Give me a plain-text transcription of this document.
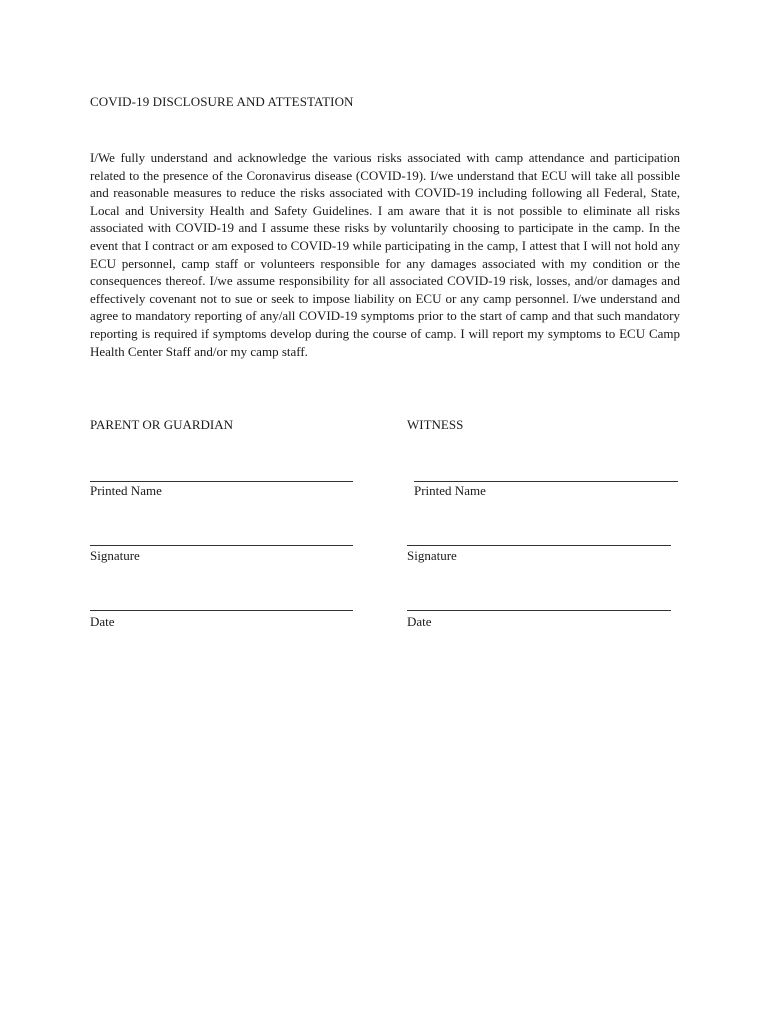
COVID-19 DISCLOSURE AND ATTESTATION

I/We fully understand and acknowledge the various risks associated with camp attendance and participation related to the presence of the Coronavirus disease (COVID-19). I/we understand that ECU will take all possible and reasonable measures to reduce the risks associated with COVID-19 including following all Federal, State, Local and University Health and Safety Guidelines. I am aware that it is not possible to eliminate all risks associated with COVID-19 and I assume these risks by voluntarily choosing to participate in the camp. In the event that I contract or am exposed to COVID-19 while participating in the camp, I attest that I will not hold any ECU personnel, camp staff or volunteers responsible for any damages associated with my condition or the consequences thereof. I/we assume responsibility for all associated COVID-19 risk, losses, and/or damages and effectively covenant not to sue or seek to impose liability on ECU or any camp personnel. I/we understand and agree to mandatory reporting of any/all COVID-19 symptoms prior to the start of camp and that such mandatory reporting is required if symptoms develop during the course of camp. I will report my symptoms to ECU Camp Health Center Staff and/or my camp staff.

PARENT OR GUARDIAN	WITNESS
Printed Name
Signature
Date
Printed Name
Signature
Date
